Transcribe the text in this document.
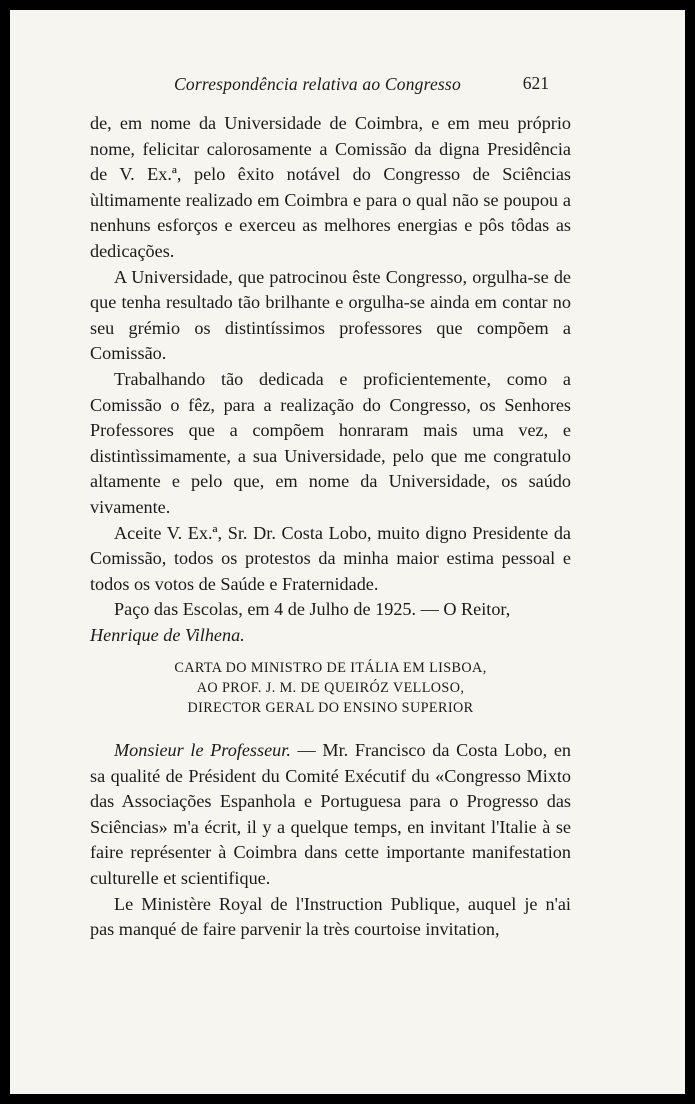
Correspondência relativa ao Congresso	621

de, em nome da Universidade de Coimbra, e em meu próprio nome, felicitar calorosamente a Comissão da digna Presidência de V. Ex.ª, pelo êxito notável do Congresso de Sciências ùltimamente realizado em Coimbra e para o qual não se poupou a nenhuns esforços e exerceu as melhores energias e pôs tôdas as dedicações.

A Universidade, que patrocinou êste Congresso, orgulha-se de que tenha resultado tão brilhante e orgulha-se ainda em contar no seu grémio os distintíssimos professores que compõem a Comissão.

Trabalhando tão dedicada e proficientemente, como a Comissão o fêz, para a realização do Congresso, os Senhores Professores que a compõem honraram mais uma vez, e distintìssimamente, a sua Universidade, pelo que me congratulo altamente e pelo que, em nome da Universidade, os saúdo vivamente.

Aceite V. Ex.ª, Sr. Dr. Costa Lobo, muito digno Presidente da Comissão, todos os protestos da minha maior estima pessoal e todos os votos de Saúde e Fraternidade.

Paço das Escolas, em 4 de Julho de 1925. — O Reitor,

Henrique de Vilhena.

CARTA DO MINISTRO DE ITÁLIA EM LISBOA,
AO PROF. J. M. DE QUEIRÓZ VELLOSO,
DIRECTOR GERAL DO ENSINO SUPERIOR

Monsieur le Professeur. — Mr. Francisco da Costa Lobo, en sa qualité de Président du Comité Exécutif du «Congresso Mixto das Associações Espanhola e Portuguesa para o Progresso das Sciências» m'a écrit, il y a quelque temps, en invitant l'Italie à se faire représenter à Coimbra dans cette importante manifestation culturelle et scientifique.

Le Ministère Royal de l'Instruction Publique, auquel je n'ai pas manqué de faire parvenir la très courtoise invitation,
